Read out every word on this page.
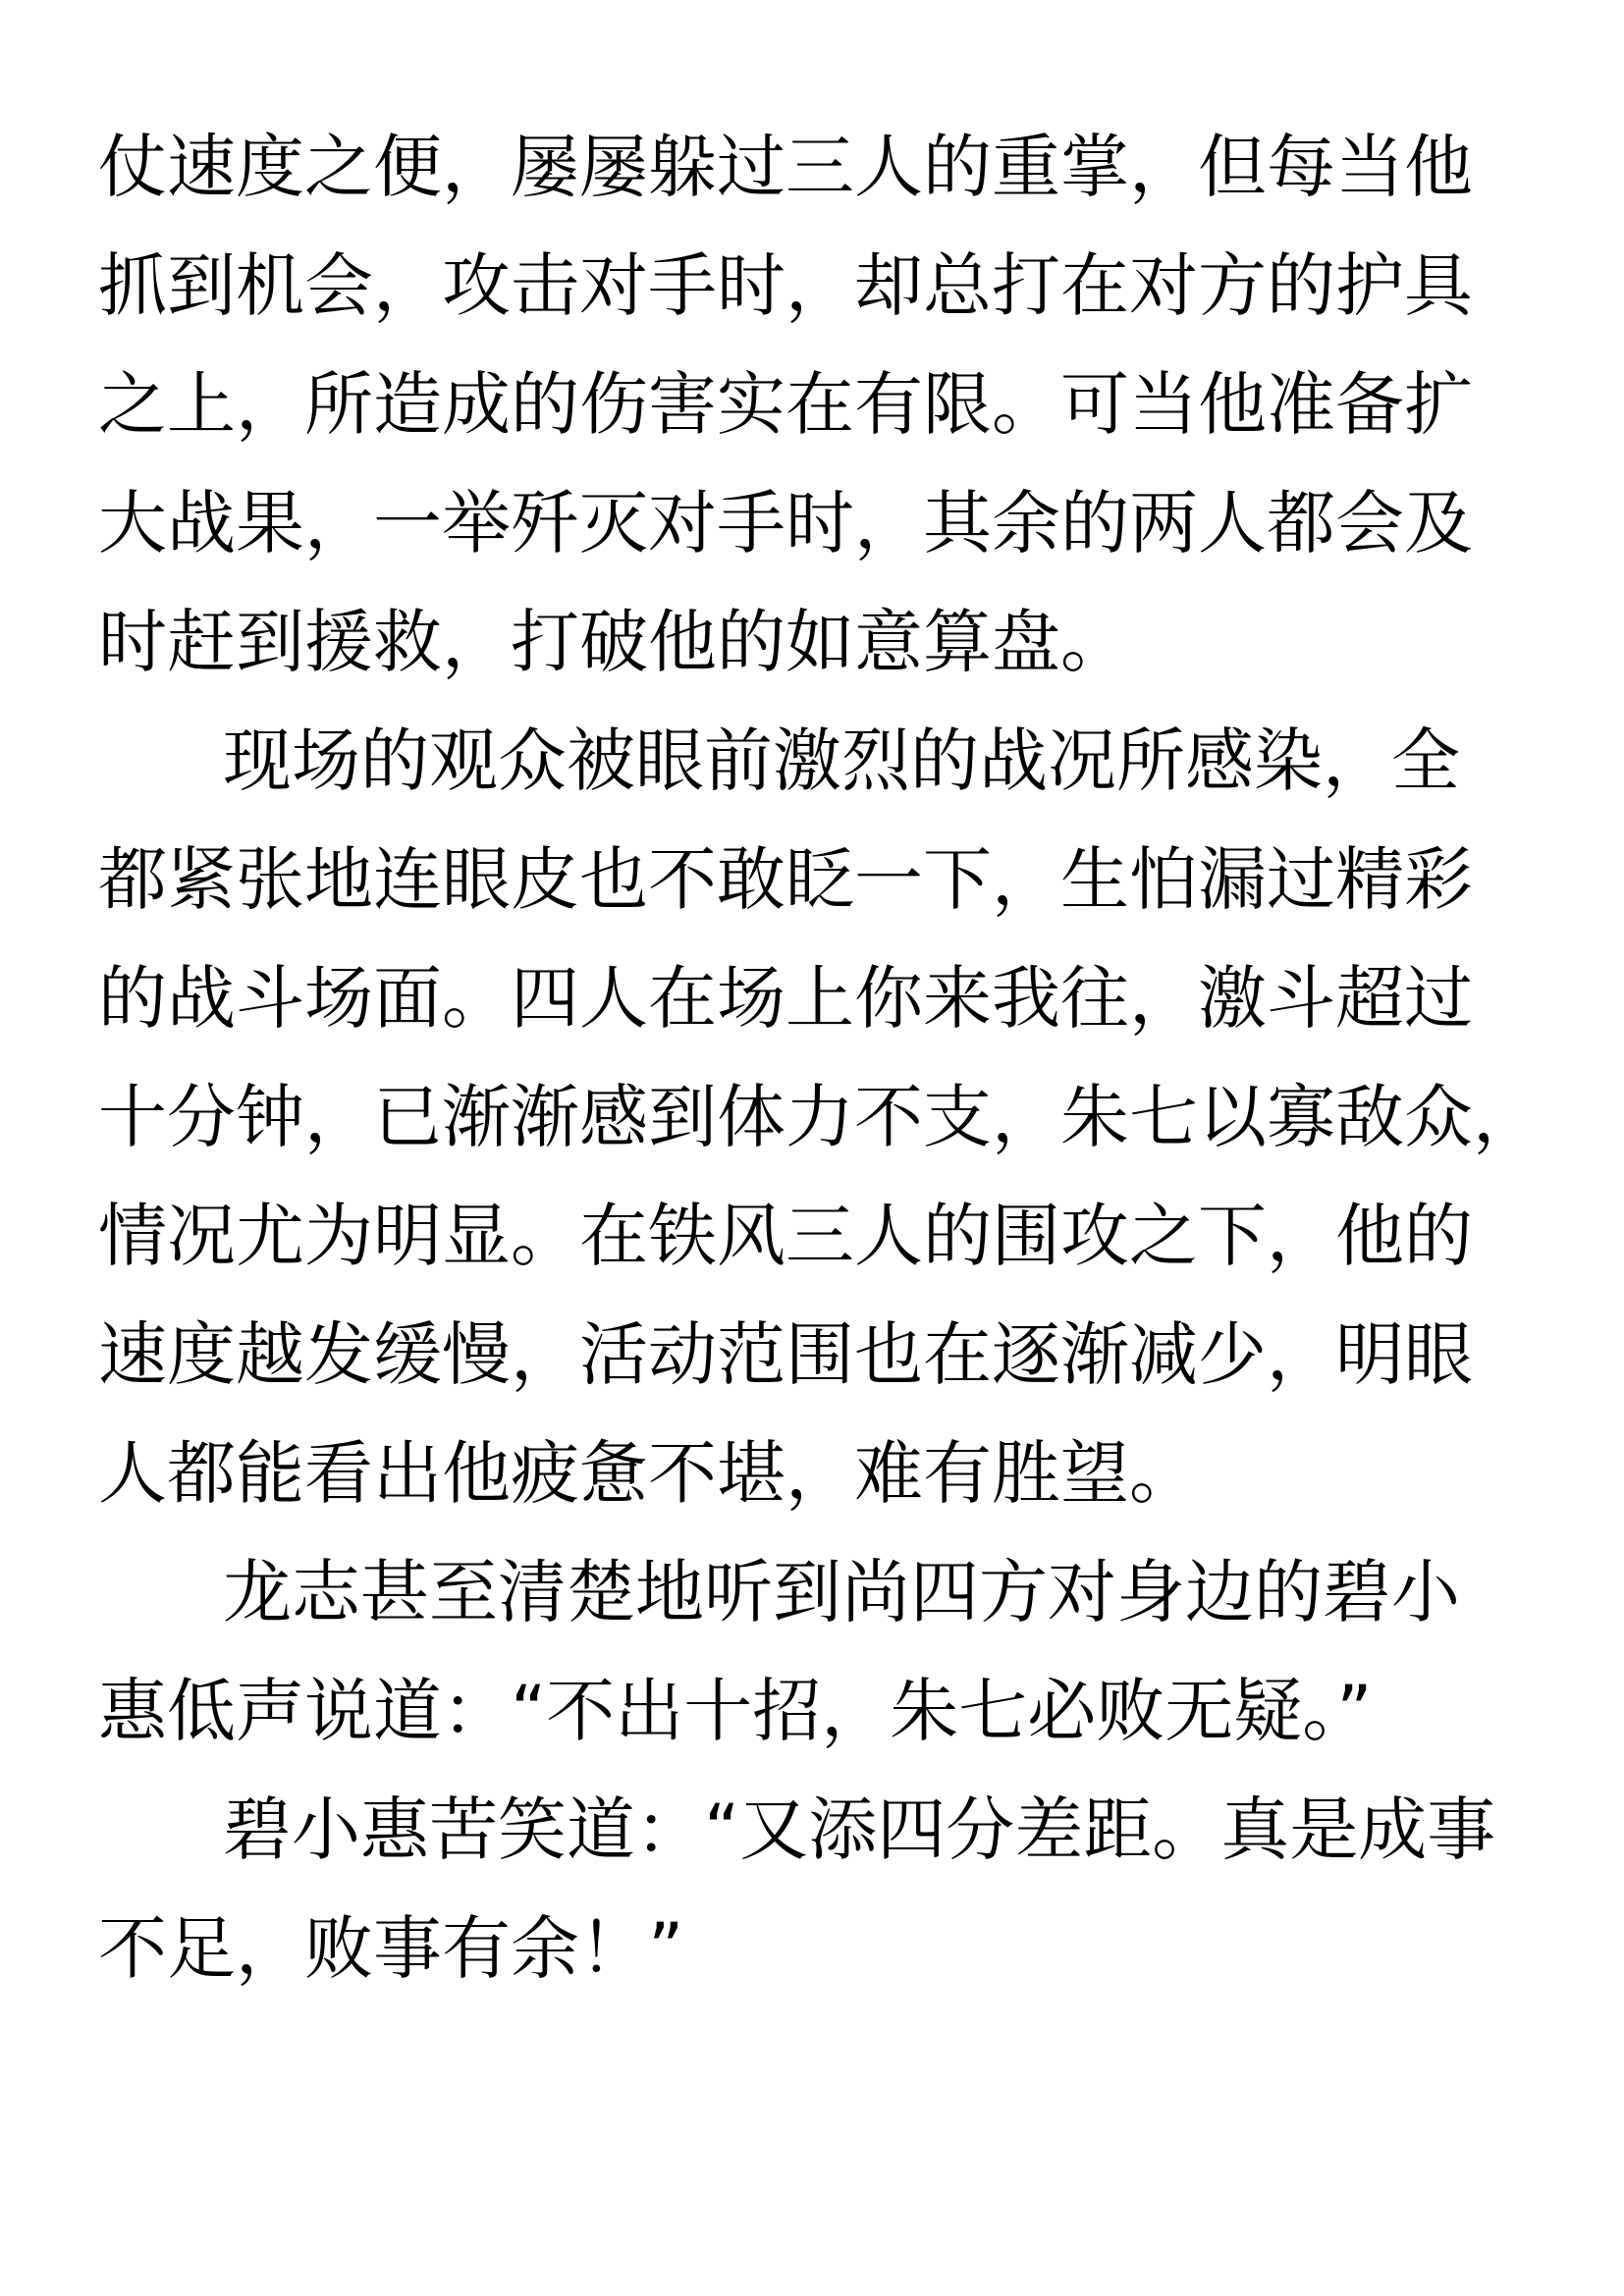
仗速度之便，屡屡躲过三人的重掌，但每当他
抓到机会，攻击对手时，却总打在对方的护具
之上，所造成的伤害实在有限。可当他准备扩
大战果，一举歼灭对手时，其余的两人都会及
时赶到援救，打破他的如意算盘。
现场的观众被眼前激烈的战况所感染，全
都紧张地连眼皮也不敢眨一下，生怕漏过精彩
的战斗场面。四人在场上你来我往，激斗超过
十分钟，已渐渐感到体力不支，朱七以寡敌众，
情况尤为明显。在铁风三人的围攻之下，他的
速度越发缓慢，活动范围也在逐渐减少，明眼
人都能看出他疲惫不堪，难有胜望。
龙志甚至清楚地听到尚四方对身边的碧小
惠低声说道：“不出十招，朱七必败无疑。”
碧小惠苦笑道：“又添四分差距。真是成事
不足，败事有余！”
